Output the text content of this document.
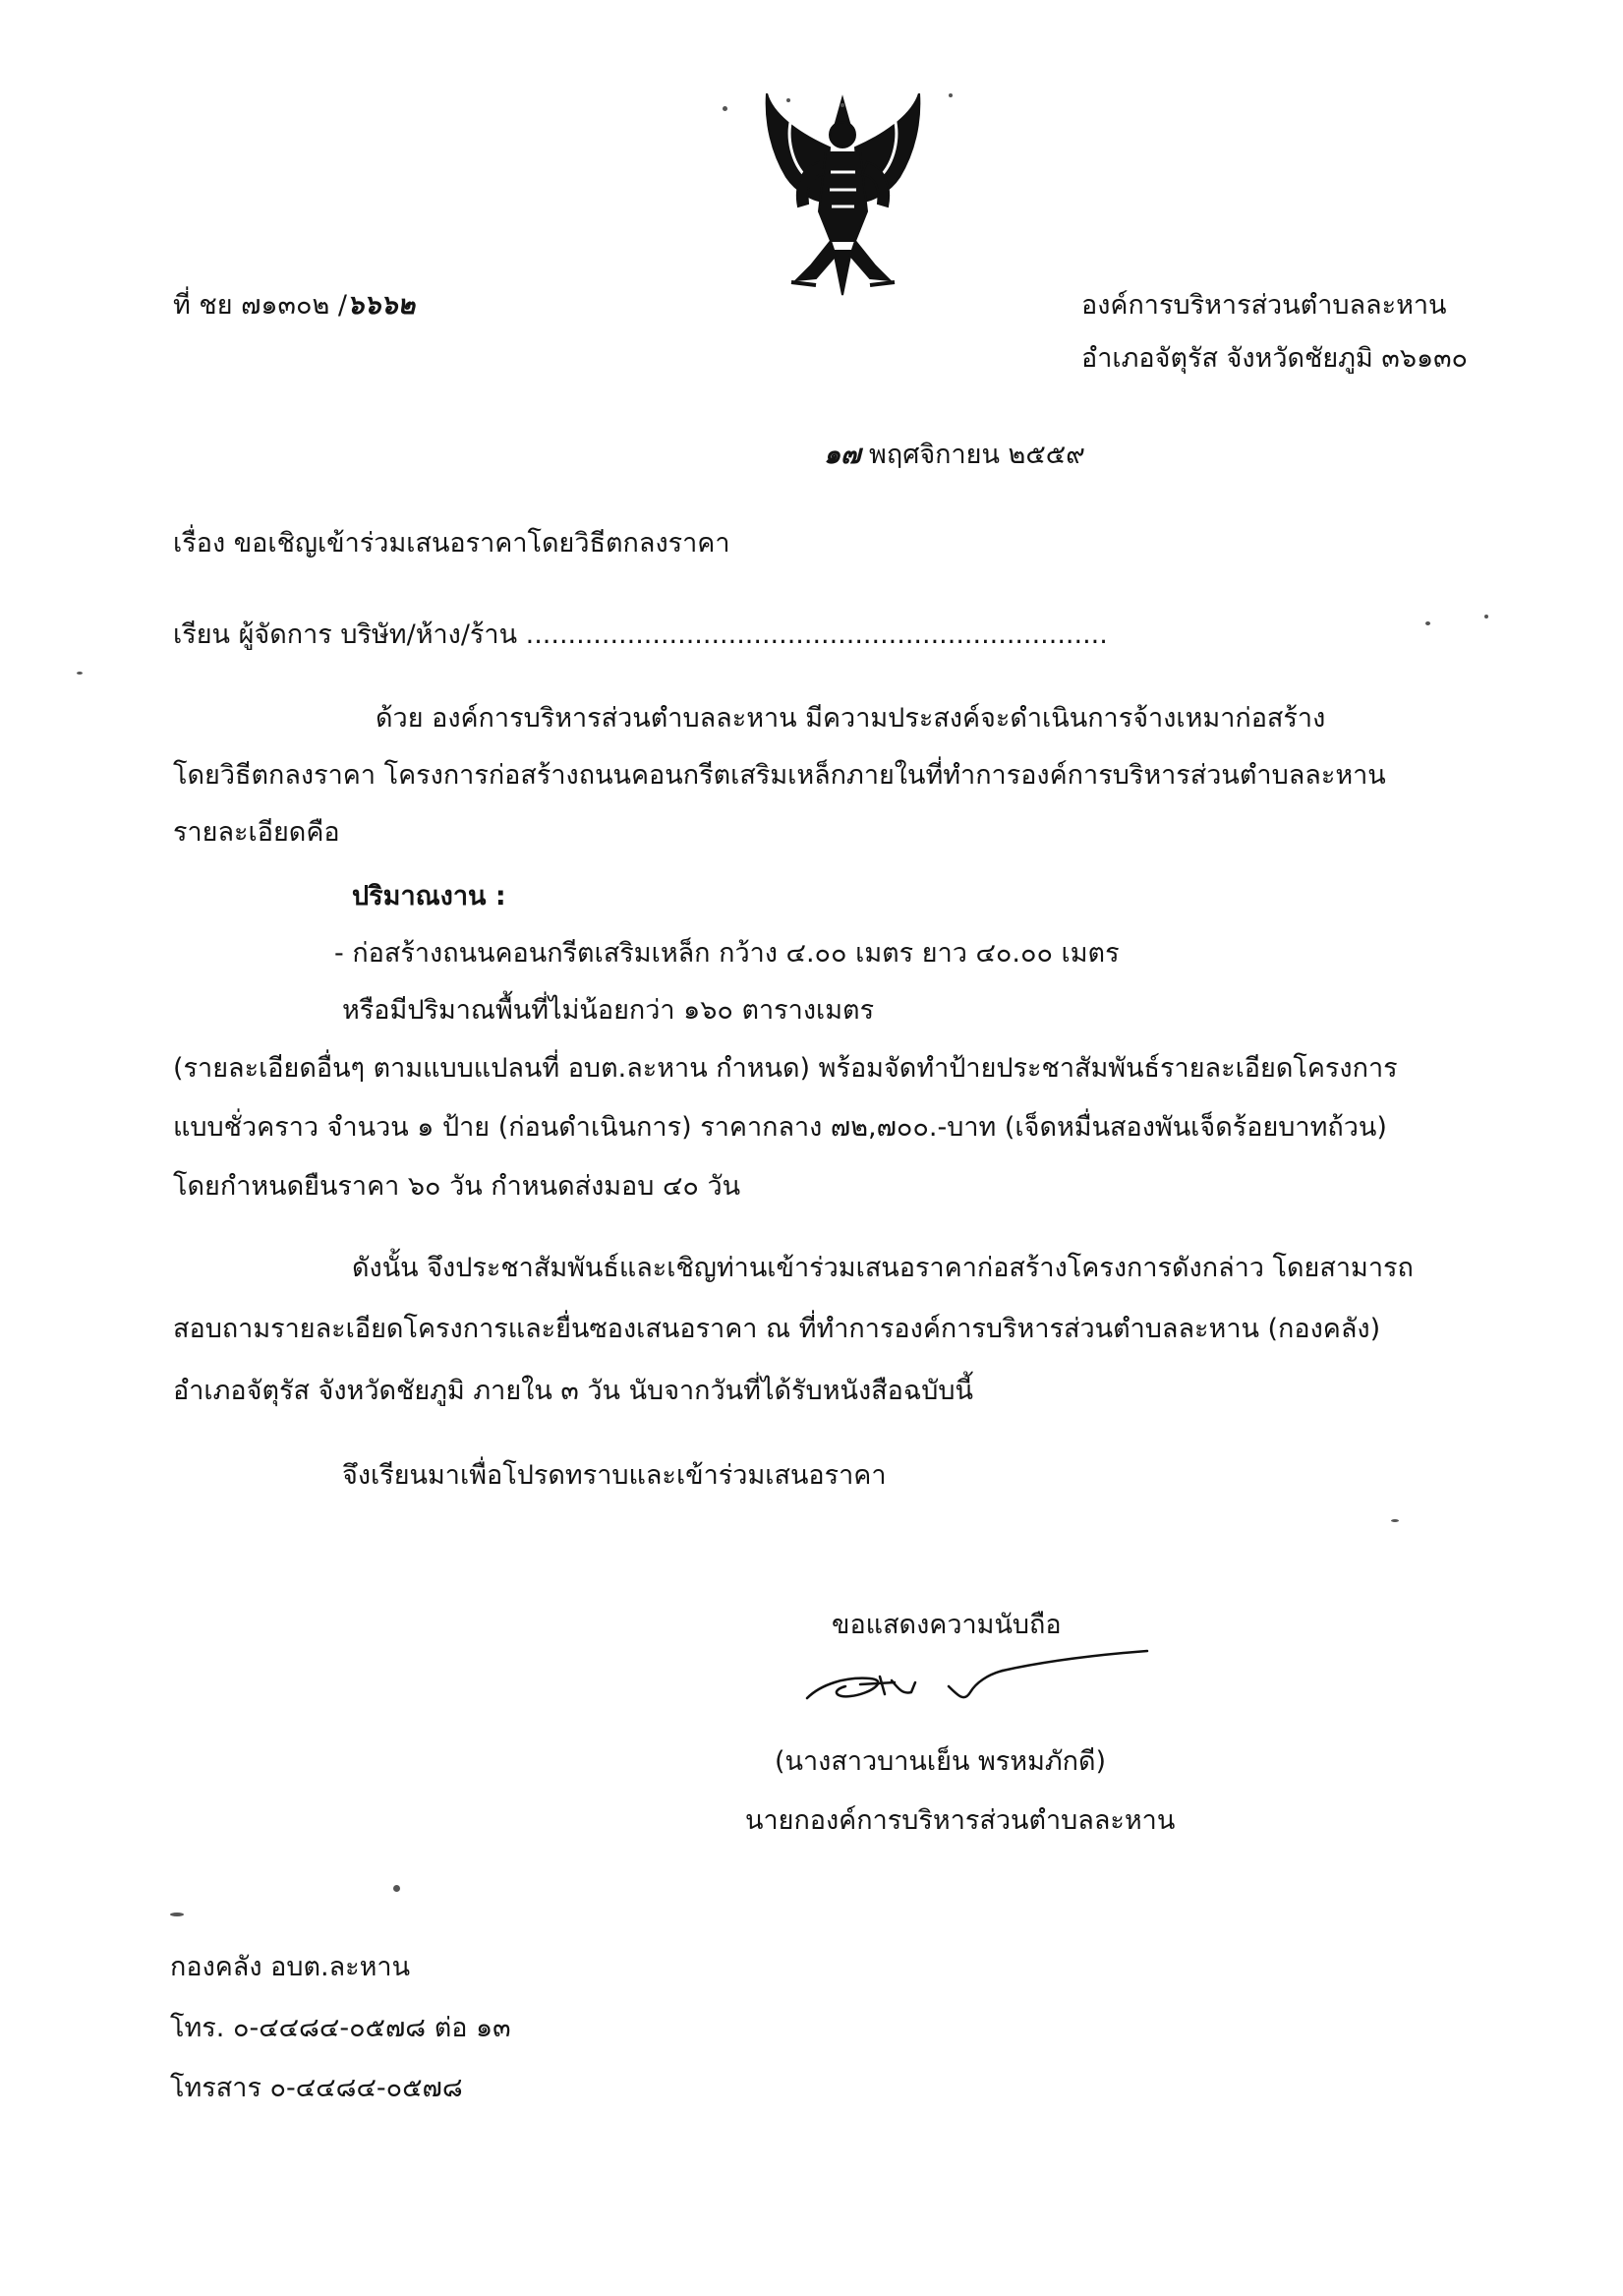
ที่ ชย ๗๑๓๐๒ /๖๖๖๒	องค์การบริหารส่วนตำบลละหาน
อำเภอจัตุรัส จังหวัดชัยภูมิ ๓๖๑๓๐
๑๗ พฤศจิกายน ๒๕๕๙
เรื่อง ขอเชิญเข้าร่วมเสนอราคาโดยวิธีตกลงราคา
เรียน ผู้จัดการ บริษัท/ห้าง/ร้าน .....................................................................
ด้วย องค์การบริหารส่วนตำบลละหาน มีความประสงค์จะดำเนินการจ้างเหมาก่อสร้าง
โดยวิธีตกลงราคา โครงการก่อสร้างถนนคอนกรีตเสริมเหล็กภายในที่ทำการองค์การบริหารส่วนตำบลละหาน
รายละเอียดคือ
ปริมาณงาน :
- ก่อสร้างถนนคอนกรีตเสริมเหล็ก กว้าง ๔.๐๐ เมตร ยาว ๔๐.๐๐ เมตร
หรือมีปริมาณพื้นที่ไม่น้อยกว่า ๑๖๐ ตารางเมตร
(รายละเอียดอื่นๆ ตามแบบแปลนที่ อบต.ละหาน กำหนด) พร้อมจัดทำป้ายประชาสัมพันธ์รายละเอียดโครงการ
แบบชั่วคราว จำนวน ๑ ป้าย (ก่อนดำเนินการ) ราคากลาง ๗๒,๗๐๐.-บาท (เจ็ดหมื่นสองพันเจ็ดร้อยบาทถ้วน)
โดยกำหนดยืนราคา ๖๐ วัน กำหนดส่งมอบ ๔๐ วัน
ดังนั้น จึงประชาสัมพันธ์และเชิญท่านเข้าร่วมเสนอราคาก่อสร้างโครงการดังกล่าว โดยสามารถ
สอบถามรายละเอียดโครงการและยื่นซองเสนอราคา ณ ที่ทำการองค์การบริหารส่วนตำบลละหาน (กองคลัง)
อำเภอจัตุรัส จังหวัดชัยภูมิ ภายใน ๓ วัน นับจากวันที่ได้รับหนังสือฉบับนี้
จึงเรียนมาเพื่อโปรดทราบและเข้าร่วมเสนอราคา
ขอแสดงความนับถือ
(นางสาวบานเย็น พรหมภักดี)
นายกองค์การบริหารส่วนตำบลละหาน
กองคลัง อบต.ละหาน
โทร. ๐-๔๔๘๔-๐๕๗๘ ต่อ ๑๓
โทรสาร ๐-๔๔๘๔-๐๕๗๘
